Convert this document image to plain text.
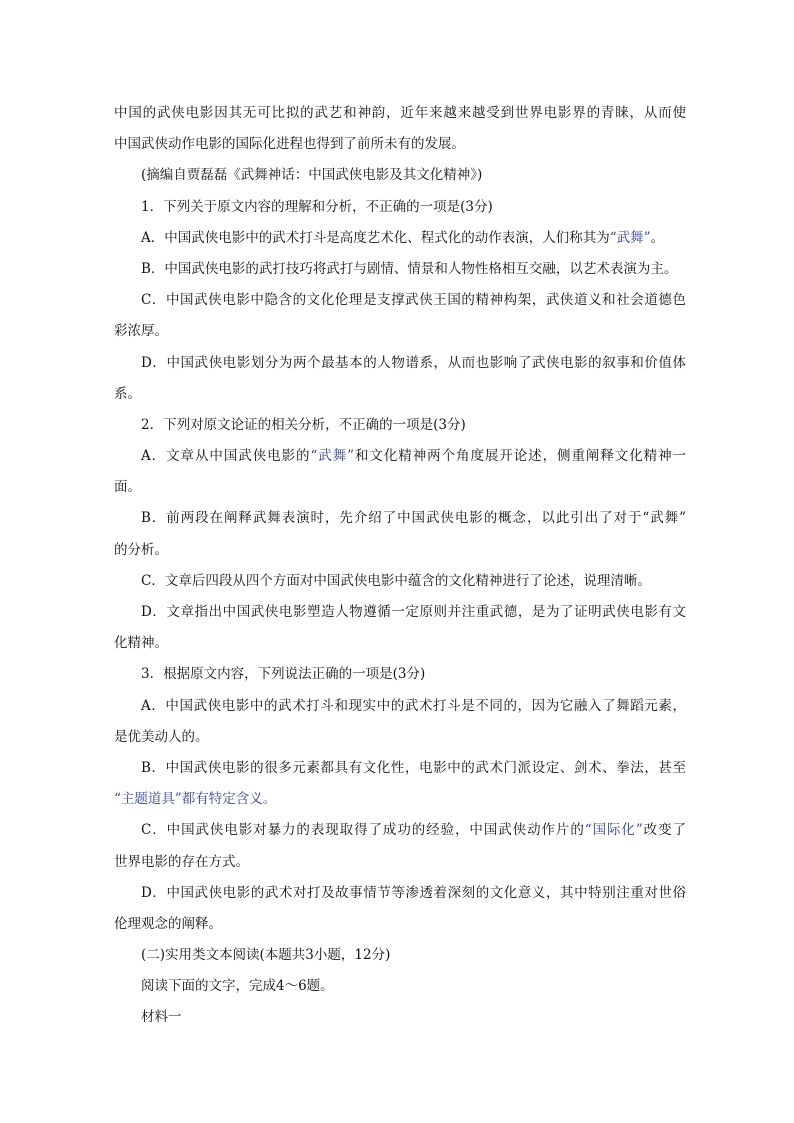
中国的武侠电影因其无可比拟的武艺和神韵，近年来越来越受到世界电影界的青睐，从而使
中国武侠动作电影的国际化进程也得到了前所未有的发展。
(摘编自贾磊磊《武舞神话：中国武侠电影及其文化精神》)
1．下列关于原文内容的理解和分析，不正确的一项是(3分)
A．中国武侠电影中的武术打斗是高度艺术化、程式化的动作表演，人们称其为“武舞”。
B．中国武侠电影的武打技巧将武打与剧情、情景和人物性格相互交融，以艺术表演为主。
C．中国武侠电影中隐含的文化伦理是支撑武侠王国的精神构架，武侠道义和社会道德色
彩浓厚。
D．中国武侠电影划分为两个最基本的人物谱系，从而也影响了武侠电影的叙事和价值体
系。
2．下列对原文论证的相关分析，不正确的一项是(3分)
A．文章从中国武侠电影的“武舞”和文化精神两个角度展开论述，侧重阐释文化精神一
面。
B．前两段在阐释武舞表演时，先介绍了中国武侠电影的概念，以此引出了对于“武舞”
的分析。
C．文章后四段从四个方面对中国武侠电影中蕴含的文化精神进行了论述，说理清晰。
D．文章指出中国武侠电影塑造人物遵循一定原则并注重武德，是为了证明武侠电影有文
化精神。
3．根据原文内容，下列说法正确的一项是(3分)
A．中国武侠电影中的武术打斗和现实中的武术打斗是不同的，因为它融入了舞蹈元素，
是优美动人的。
B．中国武侠电影的很多元素都具有文化性，电影中的武术门派设定、剑术、拳法，甚至
“主题道具”都有特定含义。
C．中国武侠电影对暴力的表现取得了成功的经验，中国武侠动作片的“国际化”改变了
世界电影的存在方式。
D．中国武侠电影的武术对打及故事情节等渗透着深刻的文化意义，其中特别注重对世俗
伦理观念的阐释。
(二)实用类文本阅读(本题共3小题，12分)
阅读下面的文字，完成4～6题。
材料一
